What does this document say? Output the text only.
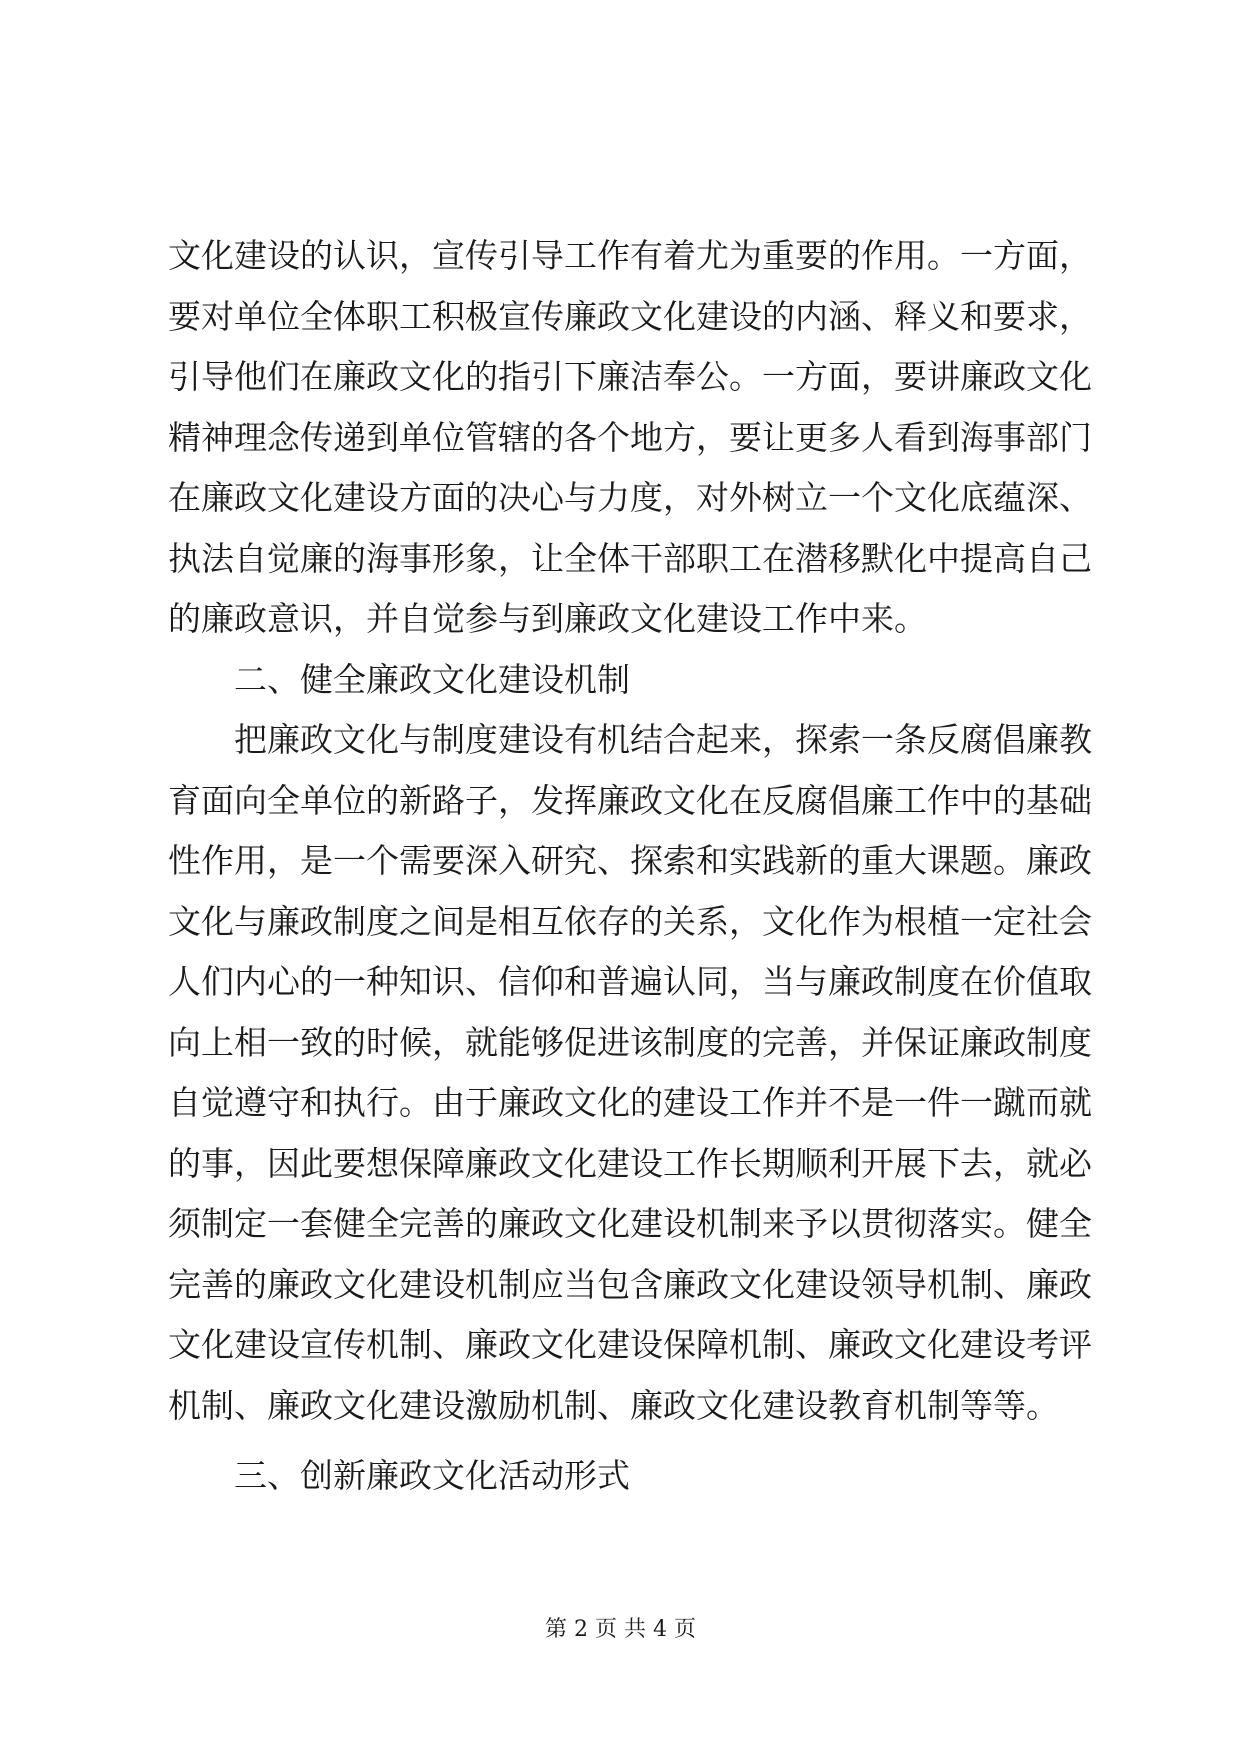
文化建设的认识，宣传引导工作有着尤为重要的作用。一方面，
要对单位全体职工积极宣传廉政文化建设的内涵、释义和要求，
引导他们在廉政文化的指引下廉洁奉公。一方面，要讲廉政文化
精神理念传递到单位管辖的各个地方，要让更多人看到海事部门
在廉政文化建设方面的决心与力度，对外树立一个文化底蕴深、
执法自觉廉的海事形象，让全体干部职工在潜移默化中提高自己
的廉政意识，并自觉参与到廉政文化建设工作中来。
二、健全廉政文化建设机制
把廉政文化与制度建设有机结合起来，探索一条反腐倡廉教
育面向全单位的新路子，发挥廉政文化在反腐倡廉工作中的基础
性作用，是一个需要深入研究、探索和实践新的重大课题。廉政
文化与廉政制度之间是相互依存的关系，文化作为根植一定社会
人们内心的一种知识、信仰和普遍认同，当与廉政制度在价值取
向上相一致的时候，就能够促进该制度的完善，并保证廉政制度
自觉遵守和执行。由于廉政文化的建设工作并不是一件一蹴而就
的事，因此要想保障廉政文化建设工作长期顺利开展下去，就必
须制定一套健全完善的廉政文化建设机制来予以贯彻落实。健全
完善的廉政文化建设机制应当包含廉政文化建设领导机制、廉政
文化建设宣传机制、廉政文化建设保障机制、廉政文化建设考评
机制、廉政文化建设激励机制、廉政文化建设教育机制等等。
三、创新廉政文化活动形式
第 2 页 共 4 页
